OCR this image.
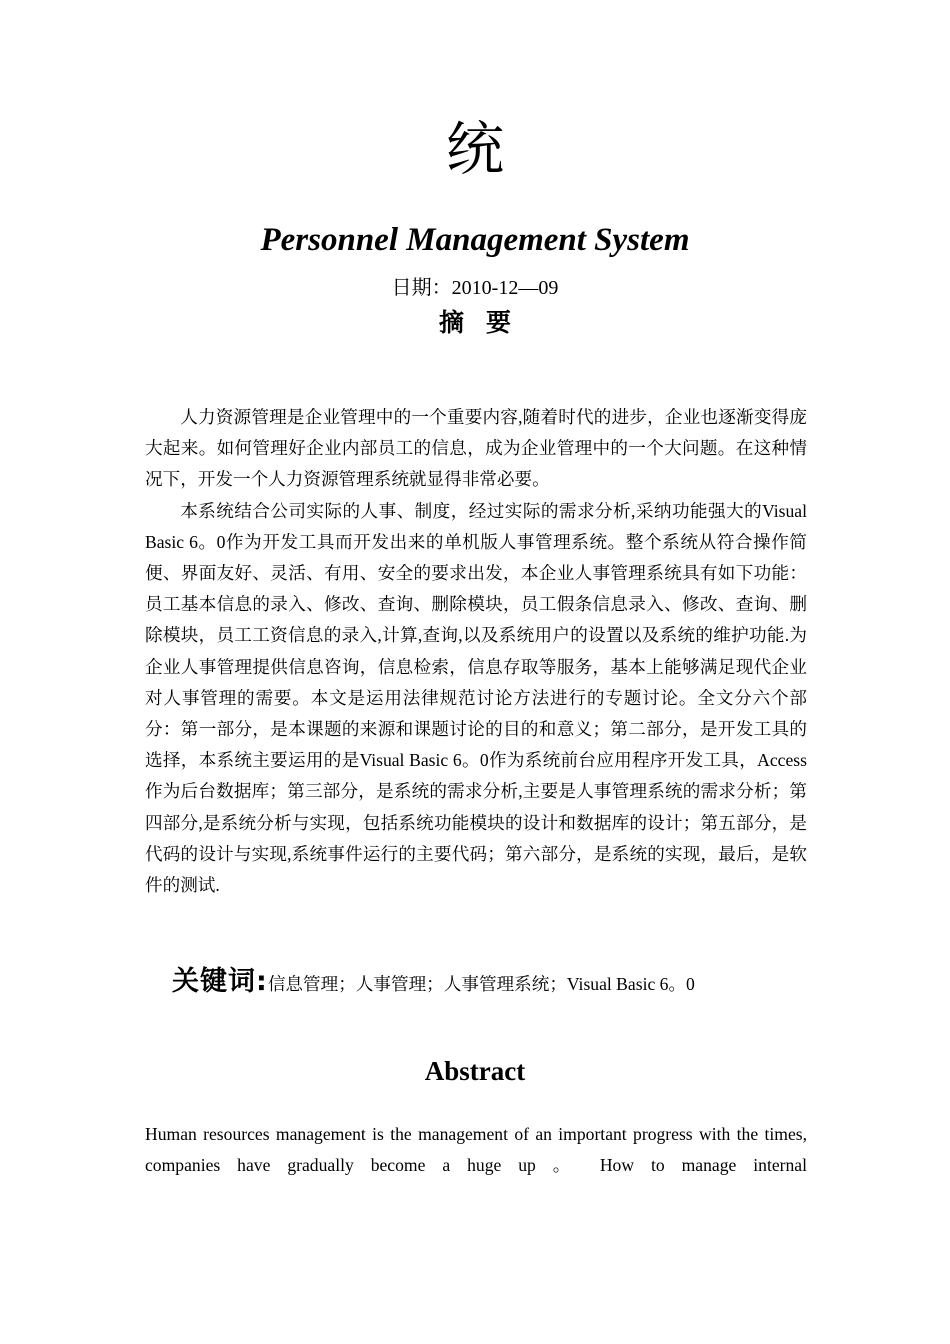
统
Personnel Management System
日期：2010-12—09
摘要

人力资源管理是企业管理中的一个重要内容,随着时代的进步，企业也逐渐变得庞大起来。如何管理好企业内部员工的信息，成为企业管理中的一个大问题。在这种情况下，开发一个人力资源管理系统就显得非常必要。

本系统结合公司实际的人事、制度，经过实际的需求分析,采纳功能强大的Visual Basic 6。0作为开发工具而开发出来的单机版人事管理系统。整个系统从符合操作简便、界面友好、灵活、有用、安全的要求出发，本企业人事管理系统具有如下功能：员工基本信息的录入、修改、查询、删除模块，员工假条信息录入、修改、查询、删除模块，员工工资信息的录入,计算,查询,以及系统用户的设置以及系统的维护功能.为企业人事管理提供信息咨询，信息检索，信息存取等服务，基本上能够满足现代企业对人事管理的需要。本文是运用法律规范讨论方法进行的专题讨论。全文分六个部分：第一部分，是本课题的来源和课题讨论的目的和意义；第二部分，是开发工具的选择，本系统主要运用的是Visual Basic 6。0作为系统前台应用程序开发工具，Access作为后台数据库；第三部分，是系统的需求分析,主要是人事管理系统的需求分析；第四部分,是系统分析与实现，包括系统功能模块的设计和数据库的设计；第五部分，是代码的设计与实现,系统事件运行的主要代码；第六部分，是系统的实现，最后，是软件的测试.

关键词:信息管理；人事管理；人事管理系统；Visual Basic 6。0
Abstract

Human resources management is the management of an important progress with the times, companies have gradually become a huge up 。 How to manage internal
